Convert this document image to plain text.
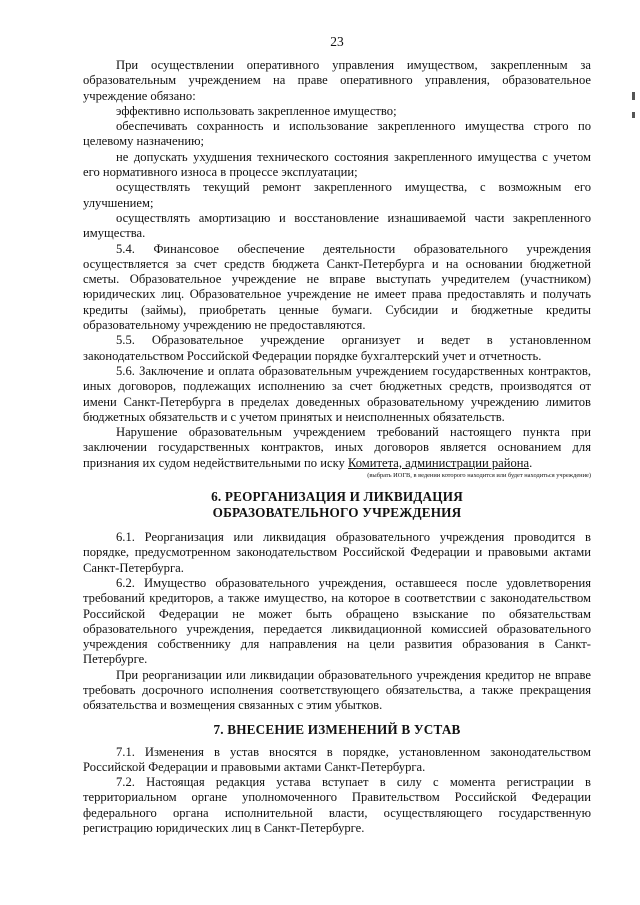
23

При осуществлении оперативного управления имуществом, закрепленным за образовательным учреждением на праве оперативного управления, образовательное учреждение обязано:

эффективно использовать закрепленное имущество;

обеспечивать сохранность и использование закрепленного имущества строго по целевому назначению;

не допускать ухудшения технического состояния закрепленного имущества с учетом его нормативного износа в процессе эксплуатации;

осуществлять текущий ремонт закрепленного имущества, с возможным его улучшением;

осуществлять амортизацию и восстановление изнашиваемой части закрепленного имущества.

5.4. Финансовое обеспечение деятельности образовательного учреждения осуществляется за счет средств бюджета Санкт-Петербурга и на основании бюджетной сметы. Образовательное учреждение не вправе выступать учредителем (участником) юридических лиц. Образовательное учреждение не имеет права предоставлять и получать кредиты (займы), приобретать ценные бумаги. Субсидии и бюджетные кредиты образовательному учреждению не предоставляются.

5.5. Образовательное учреждение организует и ведет в установленном законодательством Российской Федерации порядке бухгалтерский учет и отчетность.

5.6. Заключение и оплата образовательным учреждением государственных контрактов, иных договоров, подлежащих исполнению за счет бюджетных средств, производятся от имени Санкт-Петербурга в пределах доведенных образовательному учреждению лимитов бюджетных обязательств и с учетом принятых и неисполненных обязательств.

Нарушение образовательным учреждением требований настоящего пункта при заключении государственных контрактов, иных договоров является основанием для признания их судом недействительными по иску Комитета, администрации района.

(выбрать ИОГВ, в ведении которого находится или будет находиться учреждение)

6. РЕОРГАНИЗАЦИЯ И ЛИКВИДАЦИЯ
ОБРАЗОВАТЕЛЬНОГО УЧРЕЖДЕНИЯ

6.1. Реорганизация или ликвидация образовательного учреждения проводится в порядке, предусмотренном законодательством Российской Федерации и правовыми актами Санкт-Петербурга.

6.2. Имущество образовательного учреждения, оставшееся после удовлетворения требований кредиторов, а также имущество, на которое в соответствии с законодательством Российской Федерации не может быть обращено взыскание по обязательствам образовательного учреждения, передается ликвидационной комиссией образовательного учреждения собственнику для направления на цели развития образования в Санкт-Петербурге.

При реорганизации или ликвидации образовательного учреждения кредитор не вправе требовать досрочного исполнения соответствующего обязательства, а также прекращения обязательства и возмещения связанных с этим убытков.

7. ВНЕСЕНИЕ ИЗМЕНЕНИЙ В УСТАВ

7.1. Изменения в устав вносятся в порядке, установленном законодательством Российской Федерации и правовыми актами Санкт-Петербурга.

7.2. Настоящая редакция устава вступает в силу с момента регистрации в территориальном органе уполномоченного Правительством Российской Федерации федерального органа исполнительной власти, осуществляющего государственную регистрацию юридических лиц в Санкт-Петербурге.
